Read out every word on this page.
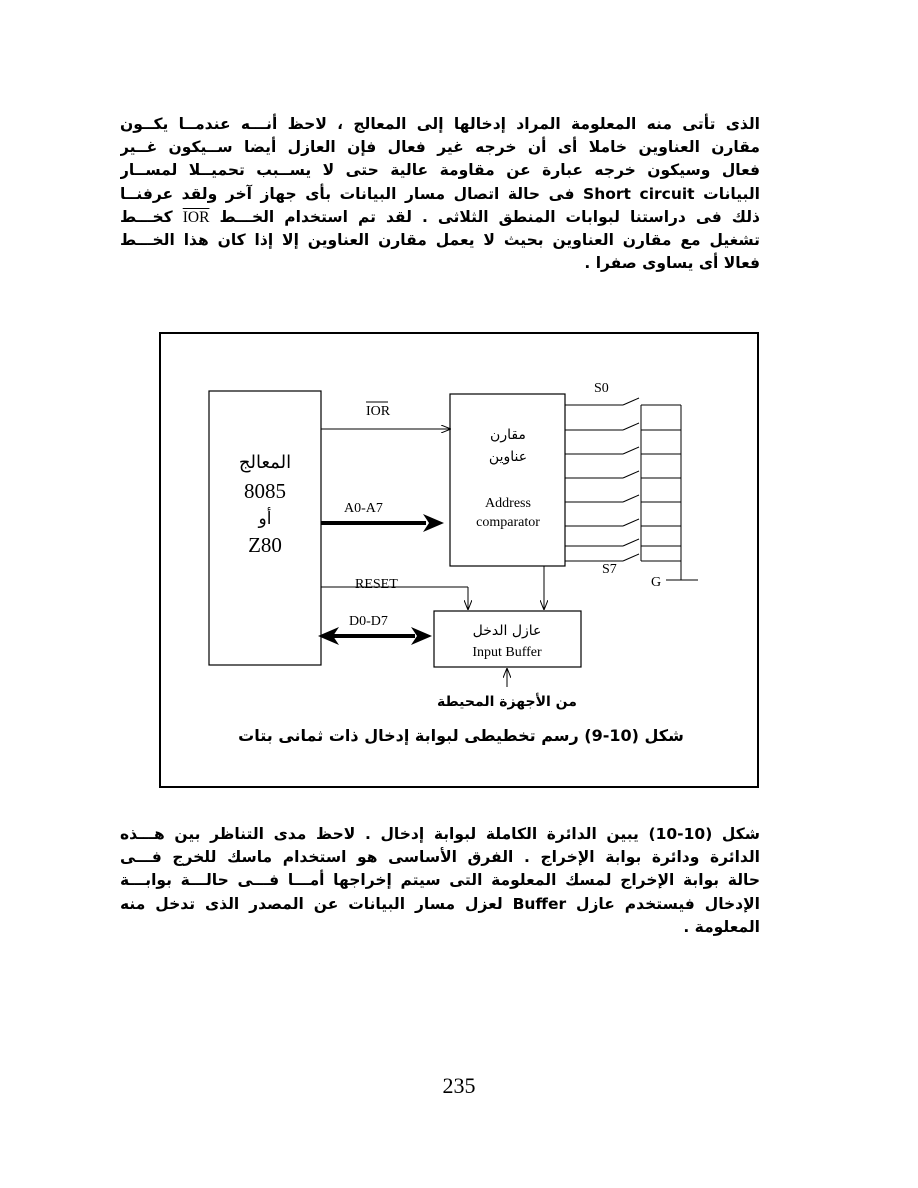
الذى تأتى منه المعلومة المراد إدخالها إلى المعالج ، لاحظ أنـــه عندمــا يكــون
مقارن العناوين خاملا أى أن خرجه غير فعال فإن العازل أيضا ســيكون غــير
فعال وسيكون خرجه عبارة عن مقاومة عالية حتى لا يســبب تحميــلا لمســار
البيانات Short circuit فى حالة اتصال مسار البيانات بأى جهاز آخر ولقد عرفنــا
ذلك فى دراستنا لبوابات المنطق الثلاثى . لقد تم استخدام الخـــط IOR كخـــط
تشغيل مع مقارن العناوين بحيث لا يعمل مقارن العناوين إلا إذا كان هذا الخـــط
فعالا أى يساوى صفرا .
المعالج
8085
أو
Z80
IOR
مقارن
عناوين
Address
comparator
A0-A7
S0
S7
G
RESET
عازل الدخل
Input Buffer
D0-D7
من الأجهزة المحيطة
شكل (10-9) رسم تخطيطى لبوابة إدخال ذات ثمانى بتات
شكل (10-10) يبين الدائرة الكاملة لبوابة إدخال . لاحظ مدى التناظر بين هـــذه
الدائرة ودائرة بوابة الإخراج . الفرق الأساسى هو استخدام ماسك للخرج فـــى
حالة بوابة الإخراج لمسك المعلومة التى سيتم إخراجها أمـــا فـــى حالـــة بوابـــة
الإدخال فيستخدم عازل Buffer لعزل مسار البيانات عن المصدر الذى تدخل منه
المعلومة .
235
